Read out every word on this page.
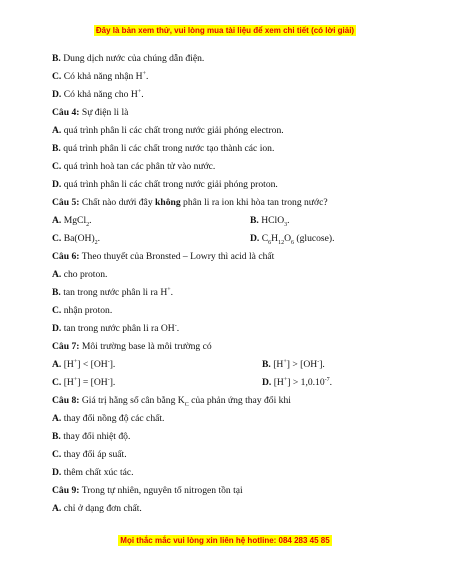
Đây là bản xem thử, vui lòng mua tài liệu để xem chi tiết (có lời giải)
B. Dung dịch nước của chúng dẫn điện.
C. Có khả năng nhận H+.
D. Có khả năng cho H+.
Câu 4: Sự điện li là
A. quá trình phân li các chất trong nước giải phóng electron.
B. quá trình phân li các chất trong nước tạo thành các ion.
C. quá trình hoà tan các phân tử vào nước.
D. quá trình phân li các chất trong nước giải phóng proton.
Câu 5: Chất nào dưới đây không phân li ra ion khi hòa tan trong nước?
A. MgCl$_2$.	B. HClO$_3$.
C. $Ba(OH)_2$.	D. $C_6H_{12}O_6$ (glucose).
Câu 6: Theo thuyết của Bronsted – Lowry thì acid là chất
A. cho proton.
B. tan trong nước phân li ra H+.
C. nhận proton.
D. tan trong nước phân li ra OH-.
Câu 7: Môi trường base là môi trường có
A. [H+] < [OH-].	B. [H+] > [OH-].
C. [H+] = [OH-].	D. $[H^+] > 1,0.10^{-7}$.
Câu 8: Giá trị hằng số cân bằng $K_C$ của phản ứng thay đổi khi
A. thay đổi nồng độ các chất.
B. thay đổi nhiệt độ.
C. thay đổi áp suất.
D. thêm chất xúc tác.
Câu 9: Trong tự nhiên, nguyên tố nitrogen tồn tại
A. chỉ ở dạng đơn chất.
Mọi thắc mắc vui lòng xin liên hệ hotline: 084 283 45 85
